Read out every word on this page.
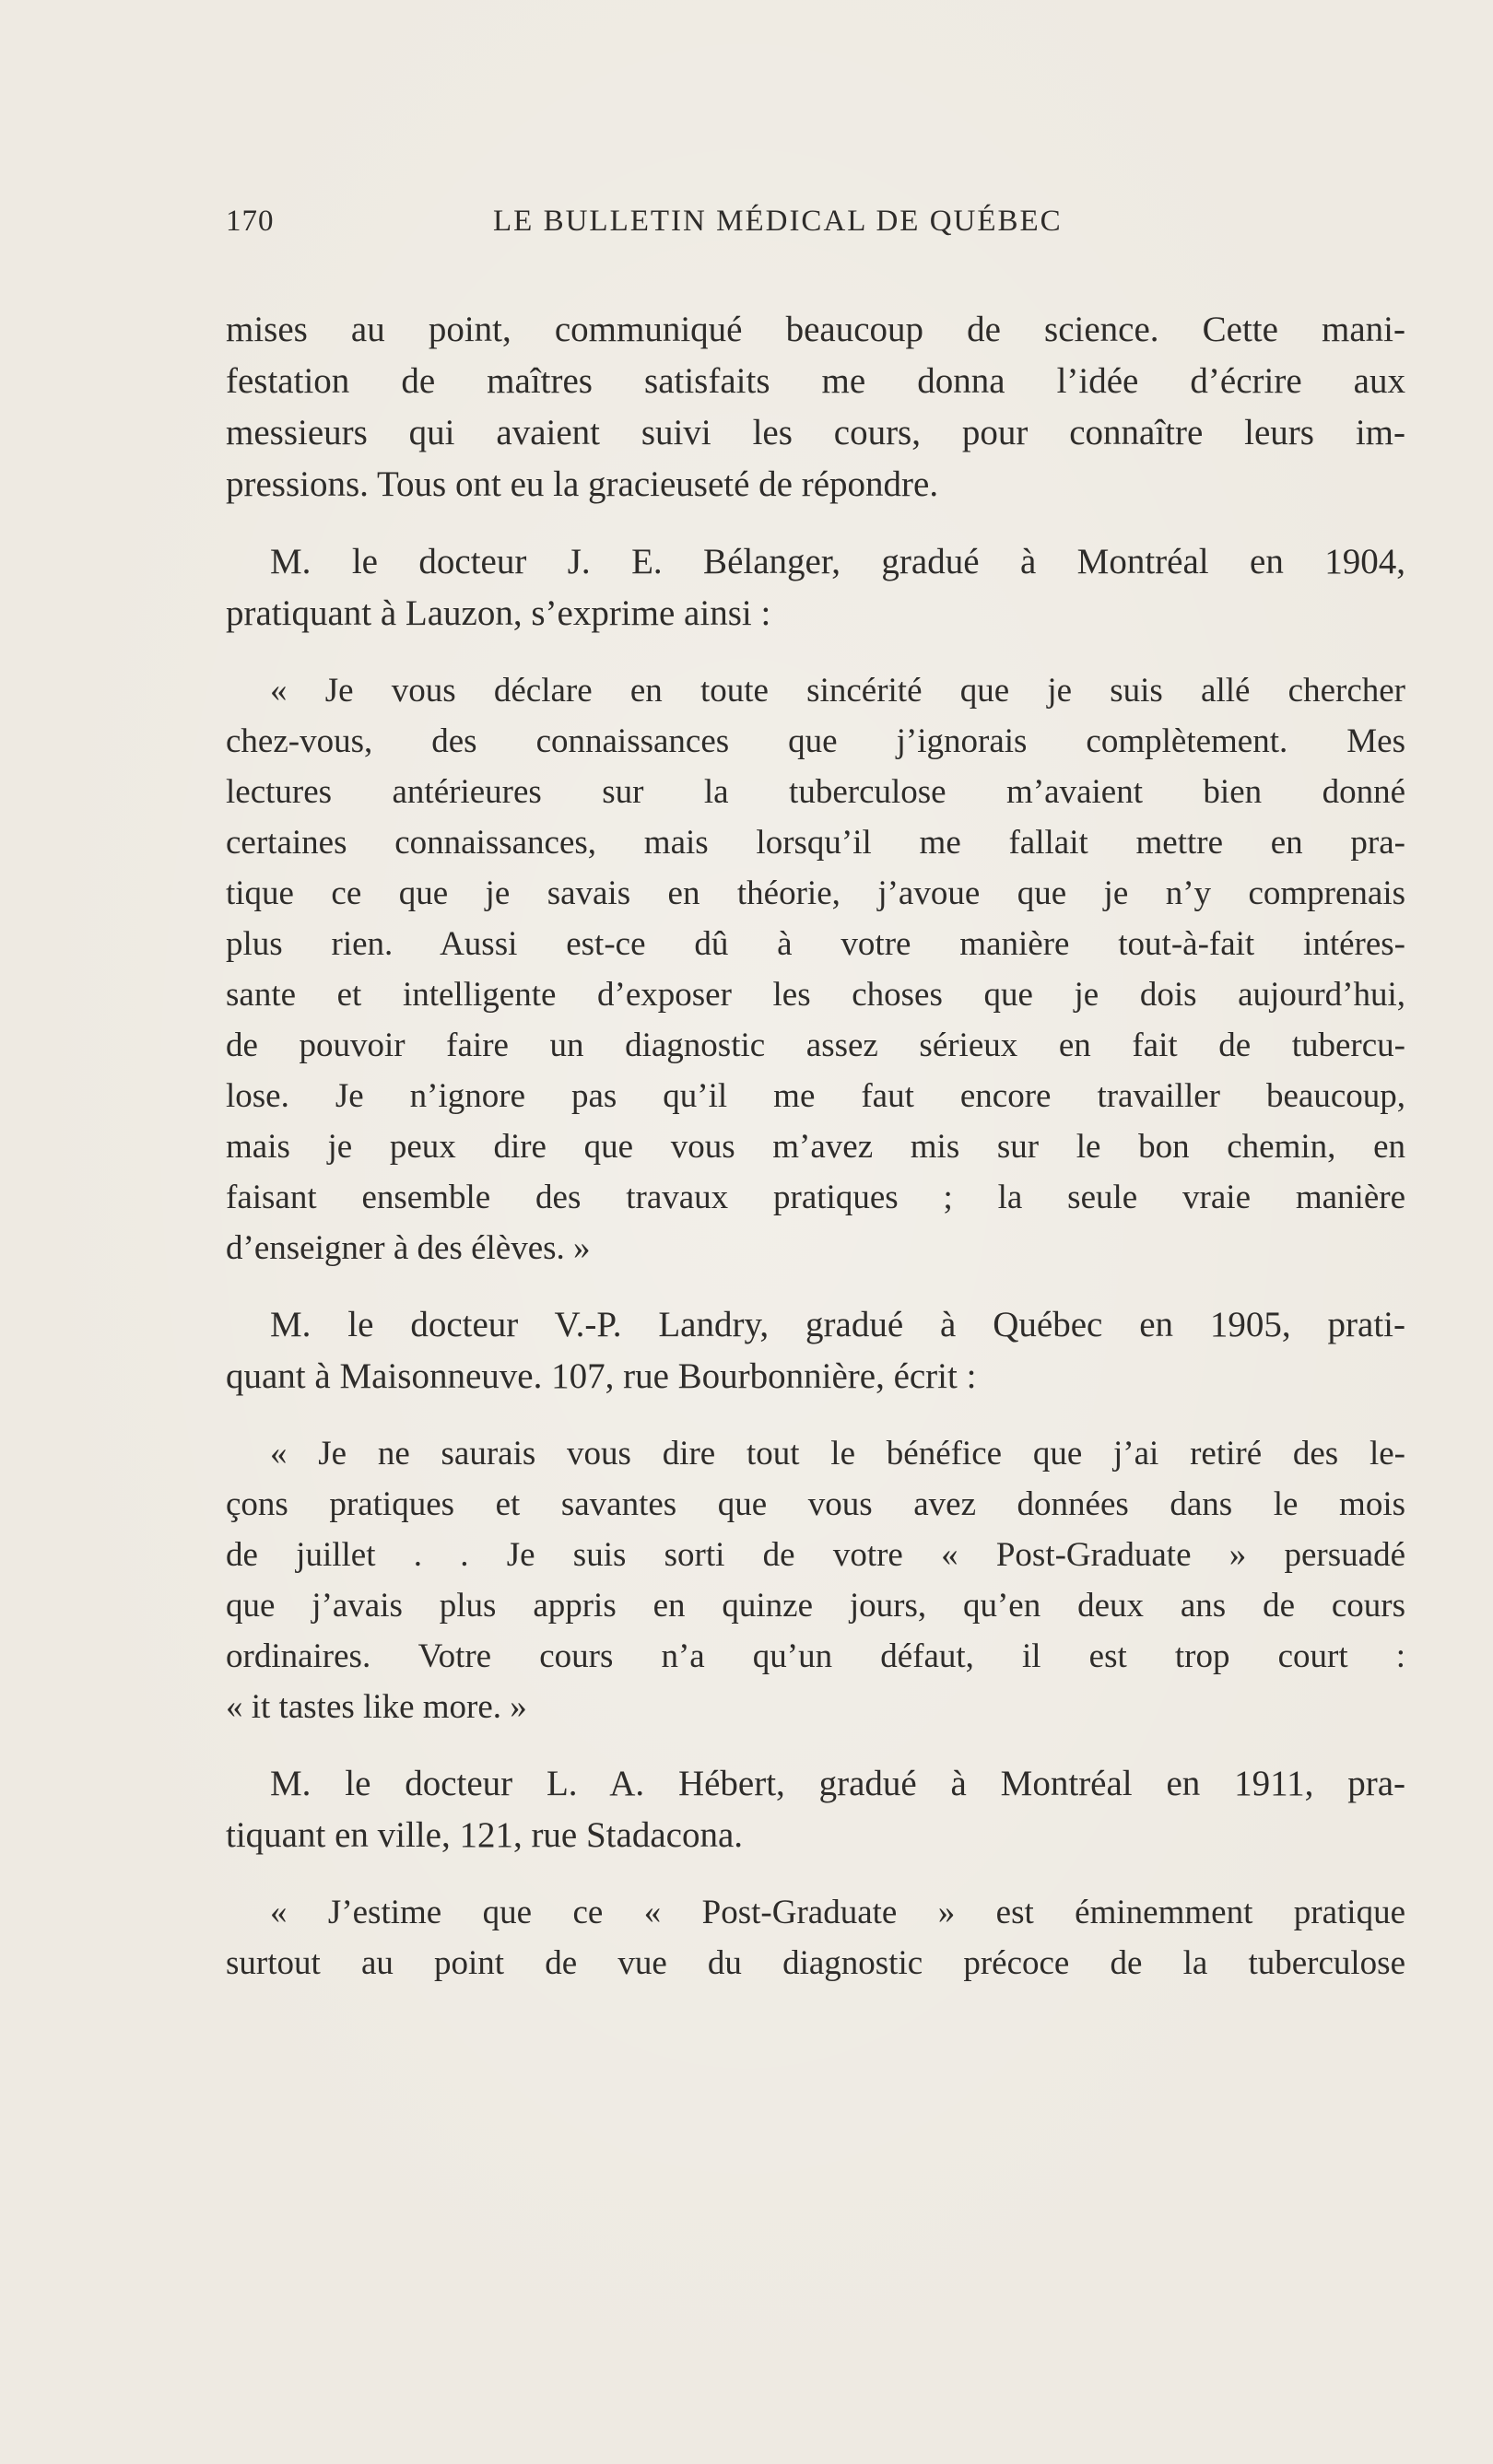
170	LE BULLETIN MÉDICAL DE QUÉBEC
mises au point, communiqué beaucoup de science. Cette mani-
festation de maîtres satisfaits me donna l’idée d’écrire aux
messieurs qui avaient suivi les cours, pour connaître leurs im-
pressions. Tous ont eu la gracieuseté de répondre.
M. le docteur J. E. Bélanger, gradué à Montréal en 1904,
pratiquant à Lauzon, s’exprime ainsi :
« Je vous déclare en toute sincérité que je suis allé chercher
chez-vous, des connaissances que j’ignorais complètement. Mes
lectures antérieures sur la tuberculose m’avaient bien donné
certaines connaissances, mais lorsqu’il me fallait mettre en pra-
tique ce que je savais en théorie, j’avoue que je n’y comprenais
plus rien. Aussi est-ce dû à votre manière tout-à-fait intéres-
sante et intelligente d’exposer les choses que je dois aujourd’hui,
de pouvoir faire un diagnostic assez sérieux en fait de tubercu-
lose. Je n’ignore pas qu’il me faut encore travailler beaucoup,
mais je peux dire que vous m’avez mis sur le bon chemin, en
faisant ensemble des travaux pratiques ; la seule vraie manière
d’enseigner à des élèves. »
M. le docteur V.-P. Landry, gradué à Québec en 1905, prati-
quant à Maisonneuve. 107, rue Bourbonnière, écrit :
« Je ne saurais vous dire tout le bénéfice que j’ai retiré des le-
çons pratiques et savantes que vous avez données dans le mois
de juillet . . Je suis sorti de votre « Post-Graduate » persuadé
que j’avais plus appris en quinze jours, qu’en deux ans de cours
ordinaires. Votre cours n’a qu’un défaut, il est trop court :
« it tastes like more. »
M. le docteur L. A. Hébert, gradué à Montréal en 1911, pra-
tiquant en ville, 121, rue Stadacona.
« J’estime que ce « Post-Graduate » est éminemment pratique
surtout au point de vue du diagnostic précoce de la tuberculose
